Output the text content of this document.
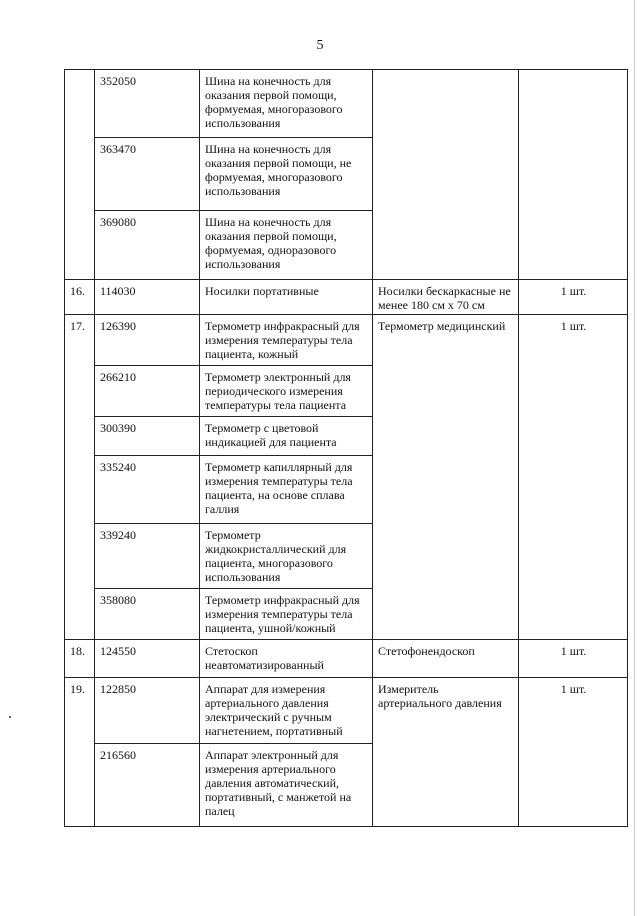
5
	352050	Шина на конечность для оказания первой помощи, формуемая, многоразового использования		
	363470	Шина на конечность для оказания первой помощи, не формуемая, многоразового использования		
	369080	Шина на конечность для оказания первой помощи, формуемая, одноразового использования		
16.	114030	Носилки портативные	Носилки бескаркасные не менее 180 см х 70 см	1 шт.
17.	126390	Термометр инфракрасный для измерения температуры тела пациента, кожный	Термометр медицинский	1 шт.
	266210	Термометр электронный для периодического измерения температуры тела пациента		
	300390	Термометр с цветовой индикацией для пациента		
	335240	Термометр капиллярный для измерения температуры тела пациента, на основе сплава галлия		
	339240	Термометр жидкокристаллический для пациента, многоразового использования		
	358080	Термометр инфракрасный для измерения температуры тела пациента, ушной/кожный		
18.	124550	Стетоскоп неавтоматизированный	Стетофонендоскоп	1 шт.
19.	122850	Аппарат для измерения артериального давления электрический с ручным нагнетением, портативный	Измеритель артериального давления	1 шт.
	216560	Аппарат электронный для измерения артериального давления автоматический, портативный, с манжетой на палец		
